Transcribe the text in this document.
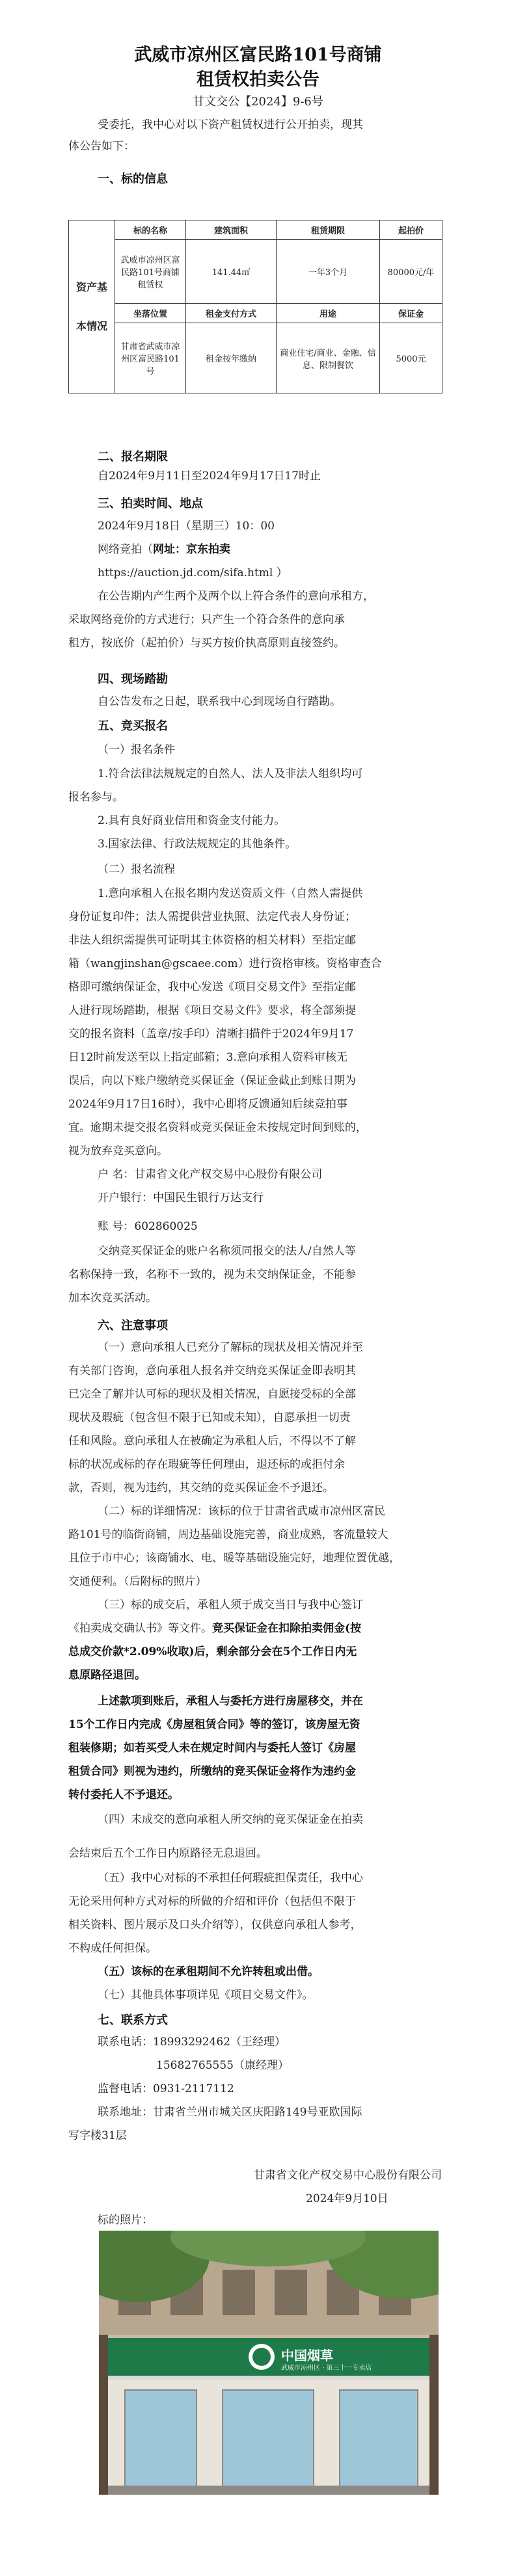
武威市凉州区富民路101号商铺
租赁权拍卖公告
甘文交公【2024】9-6号
受委托，我中心对以下资产租赁权进行公开拍卖，现其
体公告如下：
一、标的信息
资产基

本情况	标的名称	建筑面积	租赁期限	起拍价
	武威市凉州区富民路101号商铺租赁权	141.44㎡	一年3个月	80000元/年
	坐落位置	租金支付方式	用途	保证金
	甘肃省武威市凉州区富民路101号	租金按年缴纳	商业住宅/商业、金融、信息、限制餐饮	5000元
二、报名期限
自2024年9月11日至2024年9月17日17时止
三、拍卖时间、地点
2024年9月18日（星期三）10：00
网络竞拍（网址：京东拍卖
https://auction.jd.com/sifa.html ）
在公告期内产生两个及两个以上符合条件的意向承租方，
采取网络竞价的方式进行；只产生一个符合条件的意向承
租方，按底价（起拍价）与买方按价执高原则直接签约。
四、现场踏勘
自公告发布之日起，联系我中心到现场自行踏勘。
五、竞买报名
（一）报名条件
1.符合法律法规规定的自然人、法人及非法人组织均可
报名参与。
2.具有良好商业信用和资金支付能力。
3.国家法律、行政法规规定的其他条件。
（二）报名流程
1.意向承租人在报名期内发送资质文件（自然人需提供
身份证复印件；法人需提供营业执照、法定代表人身份证；
非法人组织需提供可证明其主体资格的相关材料）至指定邮
箱（wangjinshan@gscaee.com）进行资格审核。资格审查合
格即可缴纳保证金，我中心发送《项目交易文件》至指定邮
人进行现场踏勘，根据《项目交易文件》要求，将全部须提
交的报名资料（盖章/按手印）清晰扫描件于2024年9月17
日12时前发送至以上指定邮箱；3.意向承租人资料审核无
误后，向以下账户缴纳竞买保证金（保证金截止到账日期为
2024年9月17日16时），我中心即将反馈通知后续竞拍事
宜。逾期未提交报名资料或竞买保证金未按规定时间到账的，
视为放弃竞买意向。
户 名：甘肃省文化产权交易中心股份有限公司
开户银行：中国民生银行万达支行
账 号：602860025
交纳竞买保证金的账户名称须同报交的法人/自然人等
名称保持一致，名称不一致的，视为未交纳保证金，不能参
加本次竞买活动。
六、注意事项
（一）意向承租人已充分了解标的现状及相关情况并至
有关部门咨询，意向承租人报名并交纳竞买保证金即表明其
已完全了解并认可标的现状及相关情况，自愿接受标的全部
现状及瑕疵（包含但不限于已知或未知），自愿承担一切责
任和风险。意向承租人在被确定为承租人后，不得以不了解
标的状况或标的存在瑕疵等任何理由，退还标的或拒付余
款，否则，视为违约，其交纳的竞买保证金不予退还。
（二）标的详细情况：该标的位于甘肃省武威市凉州区富民
路101号的临街商铺，周边基础设施完善，商业成熟，客流量较大
且位于市中心；该商铺水、电、暖等基础设施完好，地理位置优越，
交通便利。（后附标的照片）
（三）标的成交后，承租人须于成交当日与我中心签订
《拍卖成交确认书》等文件。竞买保证金在扣除拍卖佣金(按
总成交价款*2.09%收取)后，剩余部分会在5个工作日内无
息原路径退回。
上述款项到账后，承租人与委托方进行房屋移交，并在
15个工作日内完成《房屋租赁合同》等的签订，该房屋无资
租装修期；如若买受人未在规定时间内与委托人签订《房屋
租赁合同》则视为违约，所缴纳的竞买保证金将作为违约金
转付委托人不予退还。
（四）未成交的意向承租人所交纳的竞买保证金在拍卖
会结束后五个工作日内原路径无息退回。
（五）我中心对标的不承担任何瑕疵担保责任，我中心
无论采用何种方式对标的所做的介绍和评价（包括但不限于
相关资料、图片展示及口头介绍等），仅供意向承租人参考，
不构成任何担保。
（五）该标的在承租期间不允许转租或出借。
（七）其他具体事项详见《项目交易文件》。
七、联系方式
联系电话：18993292462（王经理）
15682765555（康经理）
监督电话：0931-2117112
联系地址：甘肃省兰州市城关区庆阳路149号亚欧国际
写字楼31层
甘肃省文化产权交易中心股份有限公司
2024年9月10日
标的照片：
中国烟草
武威市凉州区 · 第三十一专卖店
